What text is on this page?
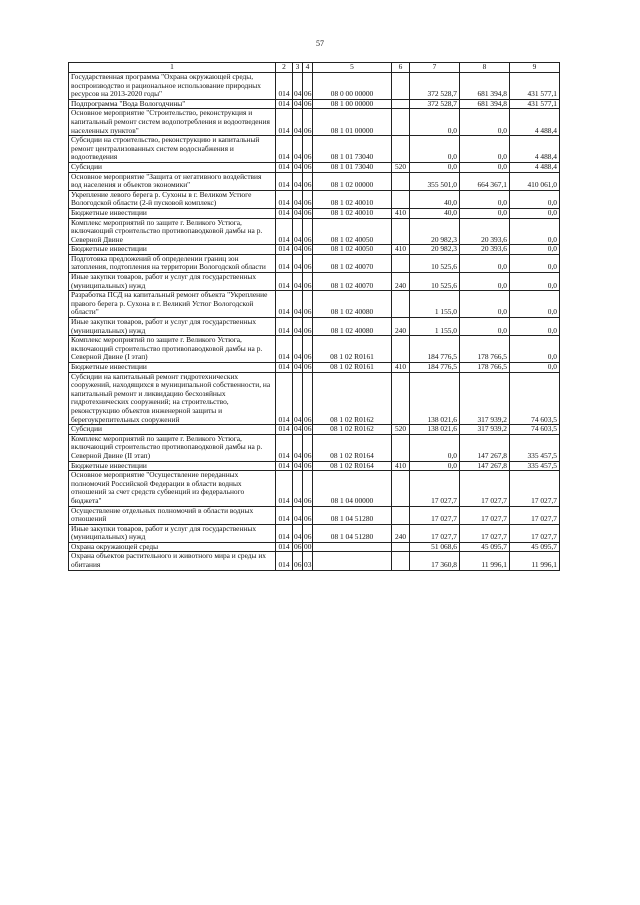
57
1	2	3	4	5	6	7	8	9
Государственная программа "Охрана окружающей среды, воспроизводство и рациональное использование природных ресурсов на 2013-2020 годы"	014	04	06	08 0 00 00000		372 528,7	681 394,8	431 577,1
Подпрограмма "Вода Вологодчины"	014	04	06	08 1 00 00000		372 528,7	681 394,8	431 577,1
Основное мероприятие "Строительство, реконструкция и капитальный ремонт систем водопотребления и водоотведения населенных пунктов"	014	04	06	08 1 01 00000		0,0	0,0	4 488,4
Субсидии на строительство, реконструкцию и капитальный ремонт централизованных систем водоснабжения и водоотведения	014	04	06	08 1 01 73040		0,0	0,0	4 488,4
Субсидии	014	04	06	08 1 01 73040	520	0,0	0,0	4 488,4
Основное мероприятие "Защита от негативного воздействия вод населения и объектов экономики"	014	04	06	08 1 02 00000		355 501,0	664 367,1	410 061,0
Укрепление левого берега р. Сухоны в г. Великом Устюге Вологодской области (2-й пусковой комплекс)	014	04	06	08 1 02 40010		40,0	0,0	0,0
Бюджетные инвестиции	014	04	06	08 1 02 40010	410	40,0	0,0	0,0
Комплекс мероприятий по защите г. Великого Устюга, включающий строительство противопаводковой дамбы на р. Северной Двине	014	04	06	08 1 02 40050		20 982,3	20 393,6	0,0
Бюджетные инвестиции	014	04	06	08 1 02 40050	410	20 982,3	20 393,6	0,0
Подготовка предложений об определении границ зон затопления, подтопления на территории Вологодской области	014	04	06	08 1 02 40070		10 525,6	0,0	0,0
Иные закупки товаров, работ и услуг для государственных (муниципальных) нужд	014	04	06	08 1 02 40070	240	10 525,6	0,0	0,0
Разработка ПСД на капитальный ремонт объекта "Укрепление правого берега р. Сухона в г. Великий Устюг Вологодской области"	014	04	06	08 1 02 40080		1 155,0	0,0	0,0
Иные закупки товаров, работ и услуг для государственных (муниципальных) нужд	014	04	06	08 1 02 40080	240	1 155,0	0,0	0,0
Комплекс мероприятий по защите г. Великого Устюга, включающий строительство противопаводковой дамбы на р. Северной Двине (I этап)	014	04	06	08 1 02 R0161		184 776,5	178 766,5	0,0
Бюджетные инвестиции	014	04	06	08 1 02 R0161	410	184 776,5	178 766,5	0,0
Субсидии на капитальный ремонт гидротехнических сооружений, находящихся в муниципальной собственности, на капитальный ремонт и ликвидацию бесхозяйных гидротехнических сооружений; на строительство, реконструкцию объектов инженерной защиты и берегоукрепительных сооружений	014	04	06	08 1 02 R0162		138 021,6	317 939,2	74 603,5
Субсидии	014	04	06	08 1 02 R0162	520	138 021,6	317 939,2	74 603,5
Комплекс мероприятий по защите г. Великого Устюга, включающий строительство противопаводковой дамбы на р. Северной Двине (II этап)	014	04	06	08 1 02 R0164		0,0	147 267,8	335 457,5
Бюджетные инвестиции	014	04	06	08 1 02 R0164	410	0,0	147 267,8	335 457,5
Основное мероприятие "Осуществление переданных полномочий Российской Федерации в области водных отношений за счет средств субвенций из федерального бюджета"	014	04	06	08 1 04 00000		17 027,7	17 027,7	17 027,7
Осуществление отдельных полномочий в области водных отношений	014	04	06	08 1 04 51280		17 027,7	17 027,7	17 027,7
Иные закупки товаров, работ и услуг для государственных (муниципальных) нужд	014	04	06	08 1 04 51280	240	17 027,7	17 027,7	17 027,7
Охрана окружающей среды	014	06	00			51 068,6	45 095,7	45 095,7
Охрана объектов растительного и животного мира и среды их обитания	014	06	03			17 360,8	11 996,1	11 996,1
